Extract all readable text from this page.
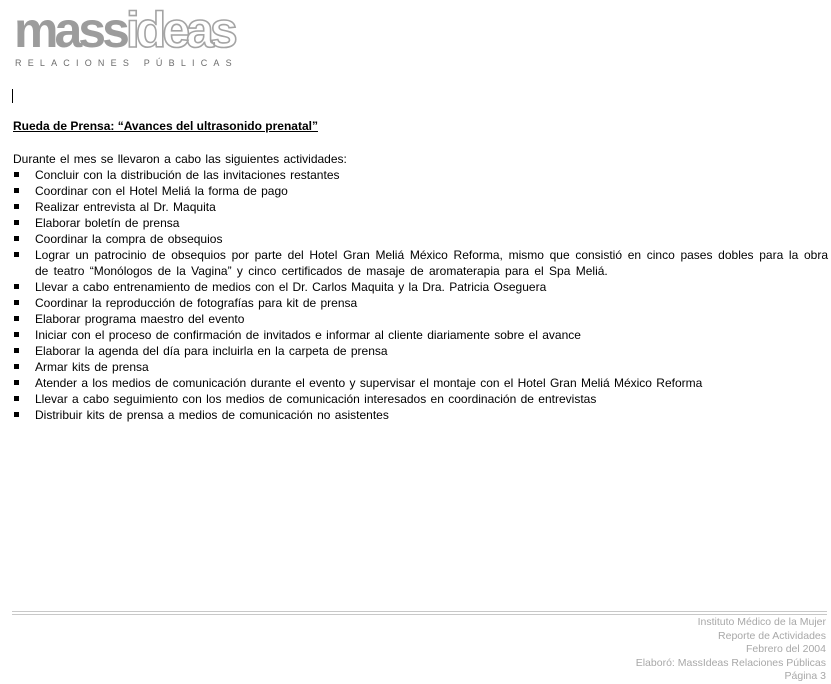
massideas
RELACIONES PÚBLICAS

Rueda de Prensa: “Avances del ultrasonido prenatal”

Durante el mes se llevaron a cabo las siguientes actividades:

Concluir con la distribución de las invitaciones restantes
Coordinar con el Hotel Meliá la forma de pago
Realizar entrevista al Dr. Maquita
Elaborar boletín de prensa
Coordinar la compra de obsequios
Lograr un patrocinio de obsequios por parte del Hotel Gran Meliá México Reforma, mismo que consistió en cinco pases dobles para la obra de teatro “Monólogos de la Vagina” y cinco certificados de masaje de aromaterapia para el Spa Meliá.
Llevar a cabo entrenamiento de medios con el Dr. Carlos Maquita y la Dra. Patricia Oseguera
Coordinar la reproducción de fotografías para kit de prensa
Elaborar programa maestro del evento
Iniciar con el proceso de confirmación de invitados e informar al cliente diariamente sobre el avance
Elaborar la agenda del día para incluirla en la carpeta de prensa
Armar kits de prensa
Atender a los medios de comunicación durante el evento y supervisar el montaje con el Hotel Gran Meliá México Reforma
Llevar a cabo seguimiento con los medios de comunicación interesados en coordinación de entrevistas
Distribuir kits de prensa a medios de comunicación no asistentes
Instituto Médico de la Mujer
Reporte de Actividades
Febrero del 2004
Elaboró: MassIdeas Relaciones Públicas
Página 3
